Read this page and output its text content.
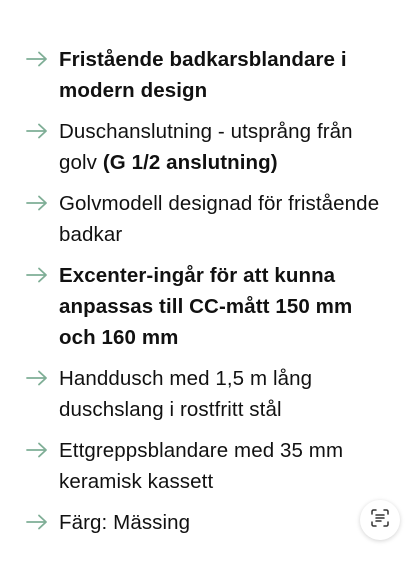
Fristående badkarsblandare i modern design
Duschanslutning - utsprång från golv (G 1/2 anslutning)
Golvmodell designad för fristående badkar
Excenter-ingår för att kunna anpassas till CC-mått 150 mm och 160 mm
Handdusch med 1,5 m lång duschslang i rostfritt stål
Ettgreppsblandare med 35 mm keramisk kassett
Färg: Mässing
